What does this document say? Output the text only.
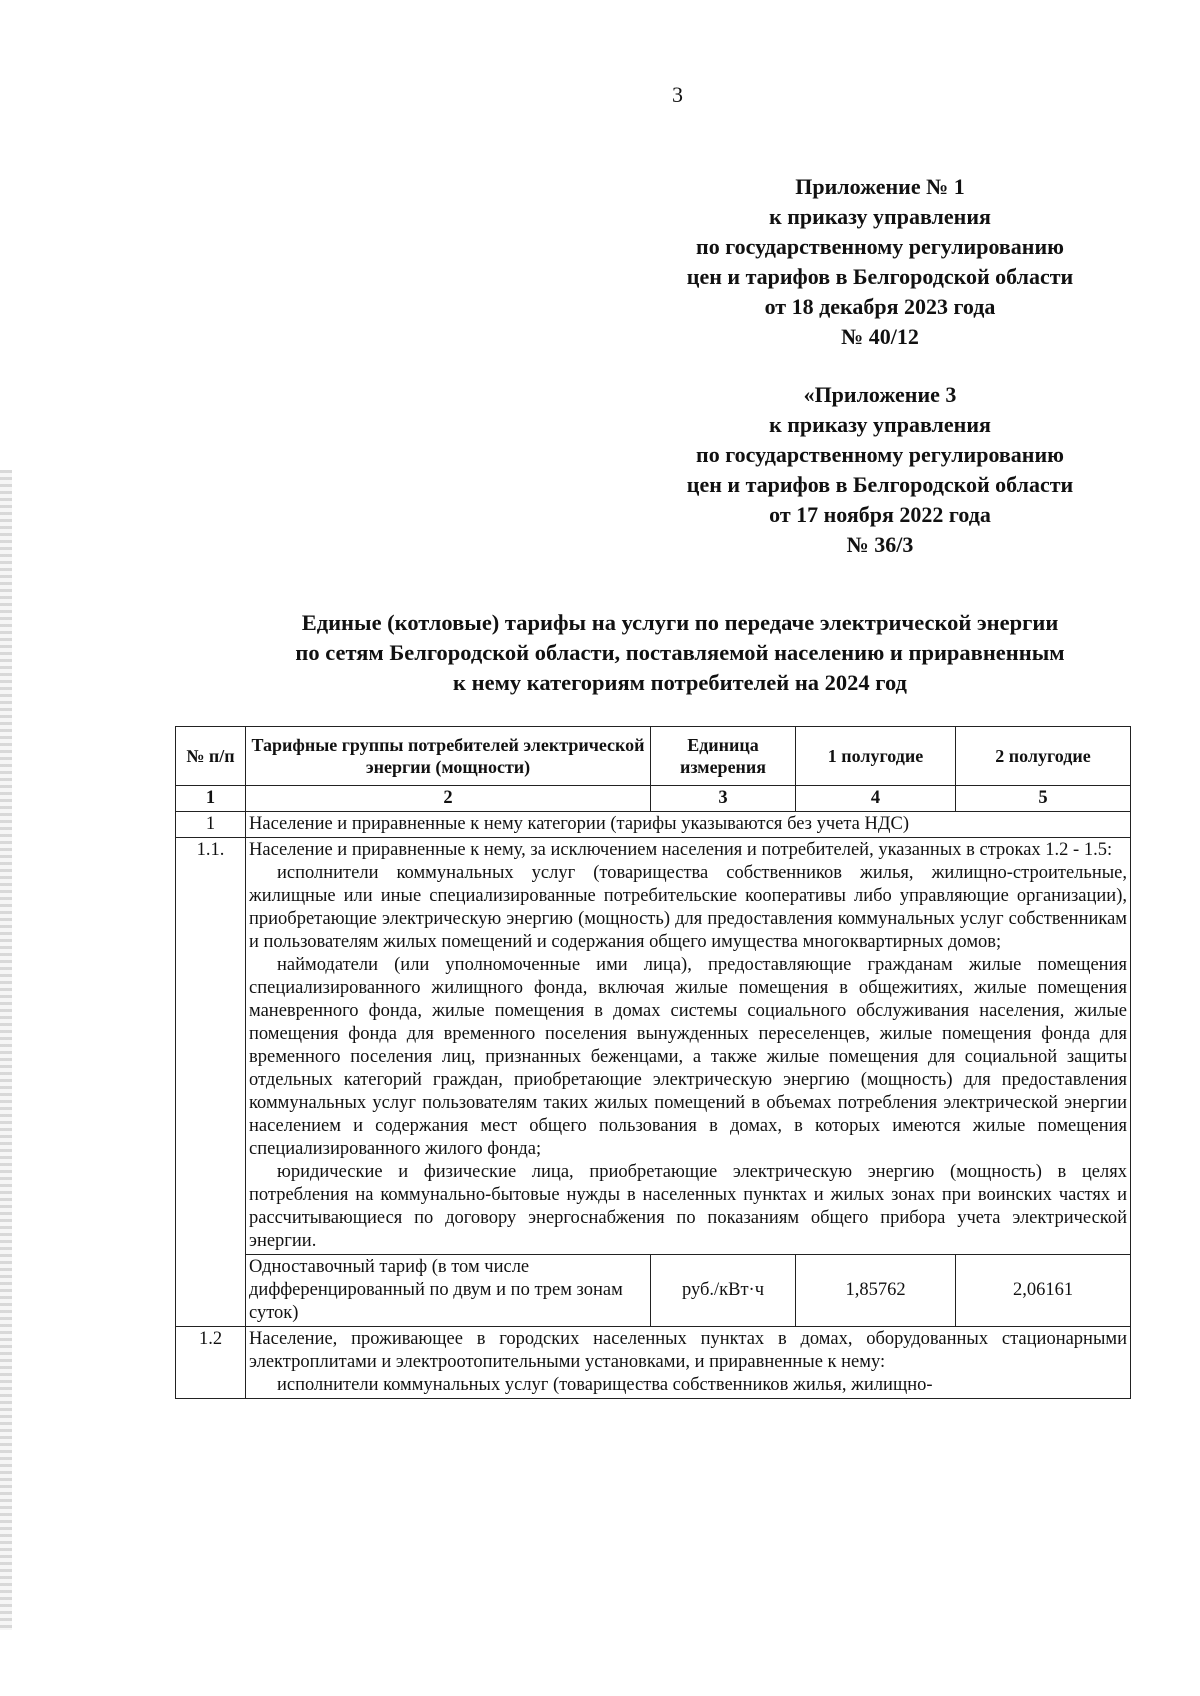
3
Приложение № 1
к приказу управления
по государственному регулированию
цен и тарифов в Белгородской области
от 18 декабря 2023 года
№ 40/12
«Приложение 3
к приказу управления
по государственному регулированию
цен и тарифов в Белгородской области
от 17 ноября 2022 года
№ 36/3
Единые (котловые) тарифы на услуги по передаче электрической энергии
по сетям Белгородской области, поставляемой населению и приравненным
к нему категориям потребителей на 2024 год
№ п/п	Тарифные группы потребителей электрической энергии (мощности)	Единица измерения	1 полугодие	2 полугодие
1	2	3	4	5
1	Население и приравненные к нему категории (тарифы указываются без учета НДС)			
1.1.	Население и приравненные к нему, за исключением населения и потребителей, указанных в строках 1.2 - 1.5:
исполнители коммунальных услуг (товарищества собственников жилья, жилищно-строительные, жилищные или иные специализированные потребительские кооперативы либо управляющие организации), приобретающие электрическую энергию (мощность) для предоставления коммунальных услуг собственникам и пользователям жилых помещений и содержания общего имущества многоквартирных домов;
наймодатели (или уполномоченные ими лица), предоставляющие гражданам жилые помещения специализированного жилищного фонда, включая жилые помещения в общежитиях, жилые помещения маневренного фонда, жилые помещения в домах системы социального обслуживания населения, жилые помещения фонда для временного поселения вынужденных переселенцев, жилые помещения фонда для временного поселения лиц, признанных беженцами, а также жилые помещения для социальной защиты отдельных категорий граждан, приобретающие электрическую энергию (мощность) для предоставления коммунальных услуг пользователям таких жилых помещений в объемах потребления электрической энергии населением и содержания мест общего пользования в домах, в которых имеются жилые помещения специализированного жилого фонда;
юридические и физические лица, приобретающие электрическую энергию (мощность) в целях потребления на коммунально-бытовые нужды в населенных пунктах и жилых зонах при воинских частях и рассчитывающиеся по договору энергоснабжения по показаниям общего прибора учета электрической энергии.			

	Одноставочный тариф (в том числе дифференцированный по двум и по трем зонам суток)	руб./кВт·ч	1,85762	2,06161
1.2	Население, проживающее в городских населенных пунктах в домах, оборудованных стационарными электроплитами и электроотопительными установками, и приравненные к нему:
исполнители коммунальных услуг (товарищества собственников жилья, жилищно-			
